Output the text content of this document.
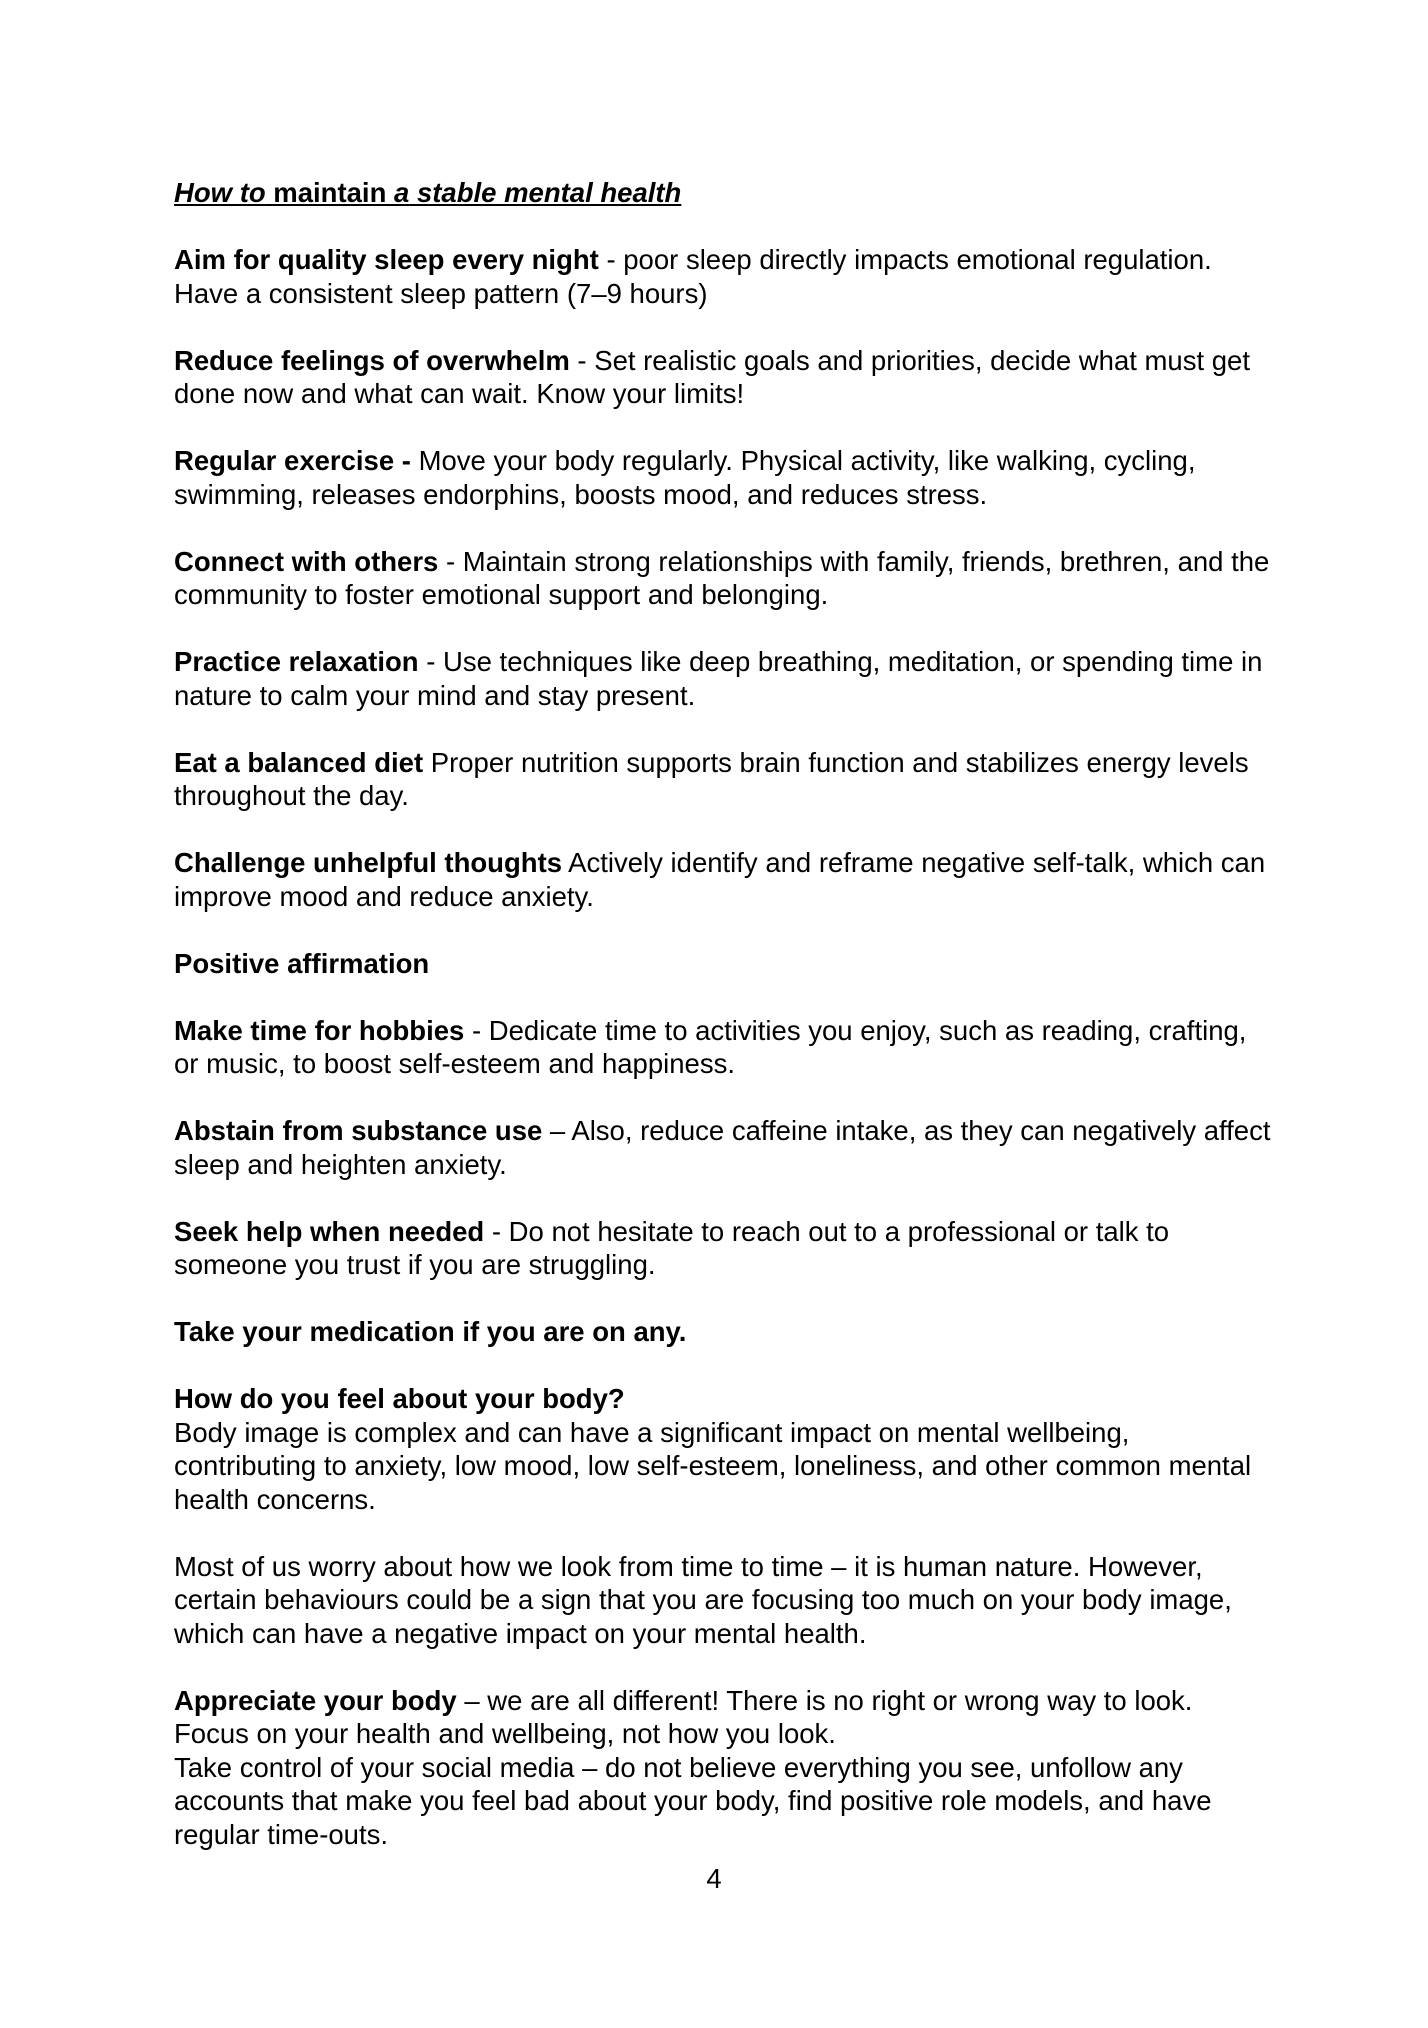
How to maintain a stable mental health
Aim for quality sleep every night - poor sleep directly impacts emotional regulation. Have a consistent sleep pattern (7–9 hours)
Reduce feelings of overwhelm - Set realistic goals and priorities, decide what must get done now and what can wait. Know your limits!
Regular exercise - Move your body regularly. Physical activity, like walking, cycling, swimming, releases endorphins, boosts mood, and reduces stress.
Connect with others - Maintain strong relationships with family, friends, brethren, and the community to foster emotional support and belonging.
Practice relaxation - Use techniques like deep breathing, meditation, or spending time in nature to calm your mind and stay present.
Eat a balanced diet Proper nutrition supports brain function and stabilizes energy levels throughout the day.
Challenge unhelpful thoughts Actively identify and reframe negative self-talk, which can improve mood and reduce anxiety.
Positive affirmation
Make time for hobbies - Dedicate time to activities you enjoy, such as reading, crafting, or music, to boost self-esteem and happiness.
Abstain from substance use – Also, reduce caffeine intake, as they can negatively affect sleep and heighten anxiety.
Seek help when needed - Do not hesitate to reach out to a professional or talk to someone you trust if you are struggling.
Take your medication if you are on any.
How do you feel about your body?
Body image is complex and can have a significant impact on mental wellbeing, contributing to anxiety, low mood, low self-esteem, loneliness, and other common mental health concerns.
Most of us worry about how we look from time to time – it is human nature. However, certain behaviours could be a sign that you are focusing too much on your body image, which can have a negative impact on your mental health.
Appreciate your body – we are all different! There is no right or wrong way to look. Focus on your health and wellbeing, not how you look.
Take control of your social media – do not believe everything you see, unfollow any accounts that make you feel bad about your body, find positive role models, and have regular time-outs.
4
